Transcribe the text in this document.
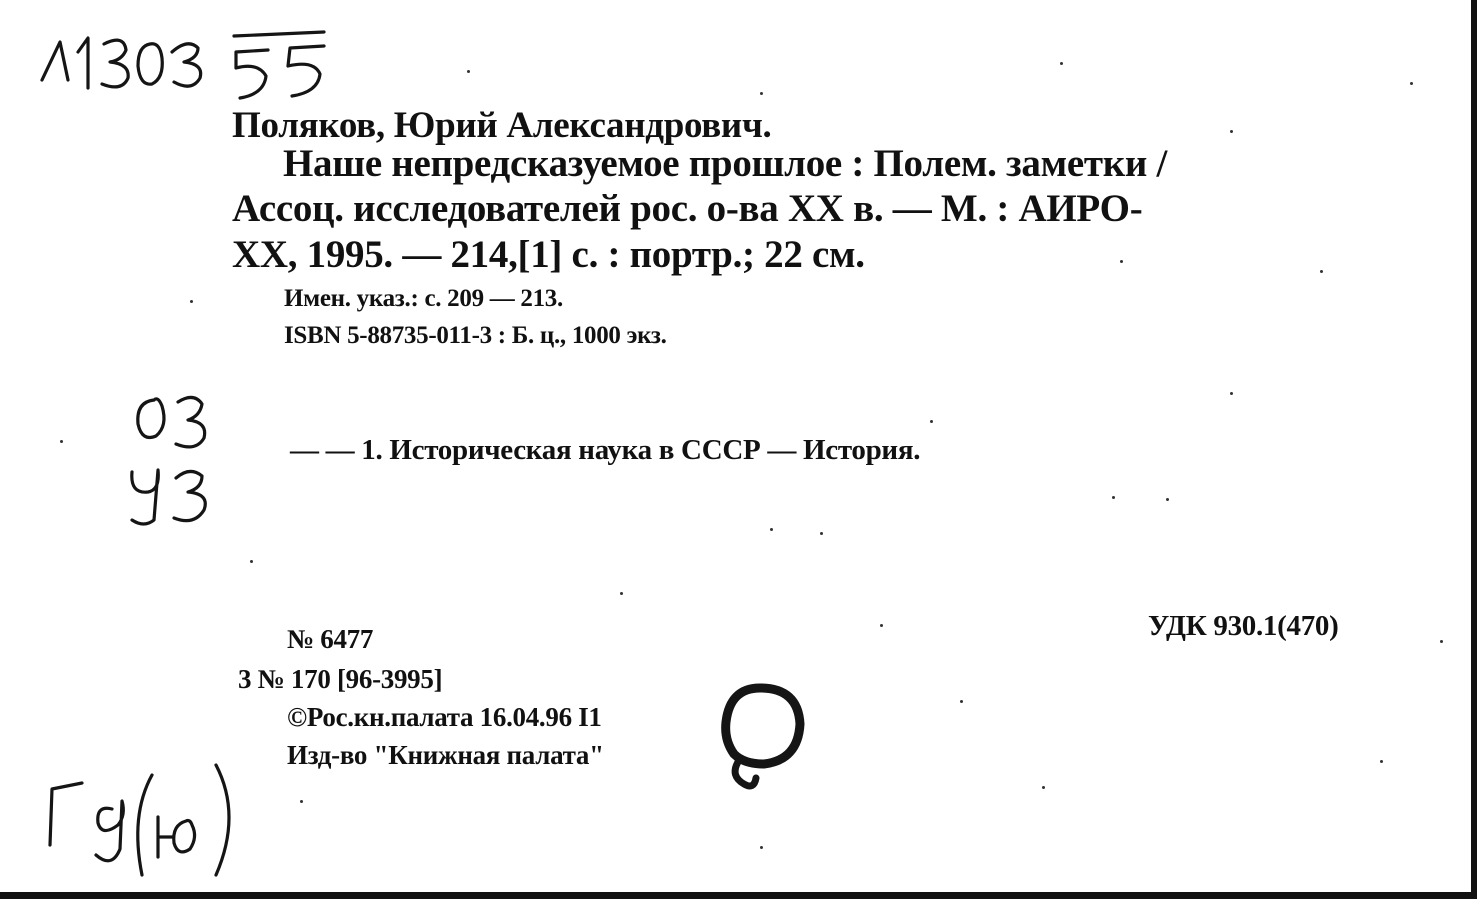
Поляков, Юрий Александрович.
Наше непредсказуемое прошлое : Полем. заметки /
Ассоц. исследователей рос. о-ва XX в. — М. : АИРО-
XX, 1995. — 214,[1] с. : портр.; 22 см.
Имен. указ.: с. 209 — 213.
ISBN 5-88735-011-3 : Б. ц., 1000 экз.
— — 1. Историческая наука в СССР — История.
УДК 930.1(470)
№ 6477
3 № 170 [96-3995]
©Рос.кн.палата 16.04.96 I1
Изд-во "Книжная палата"
